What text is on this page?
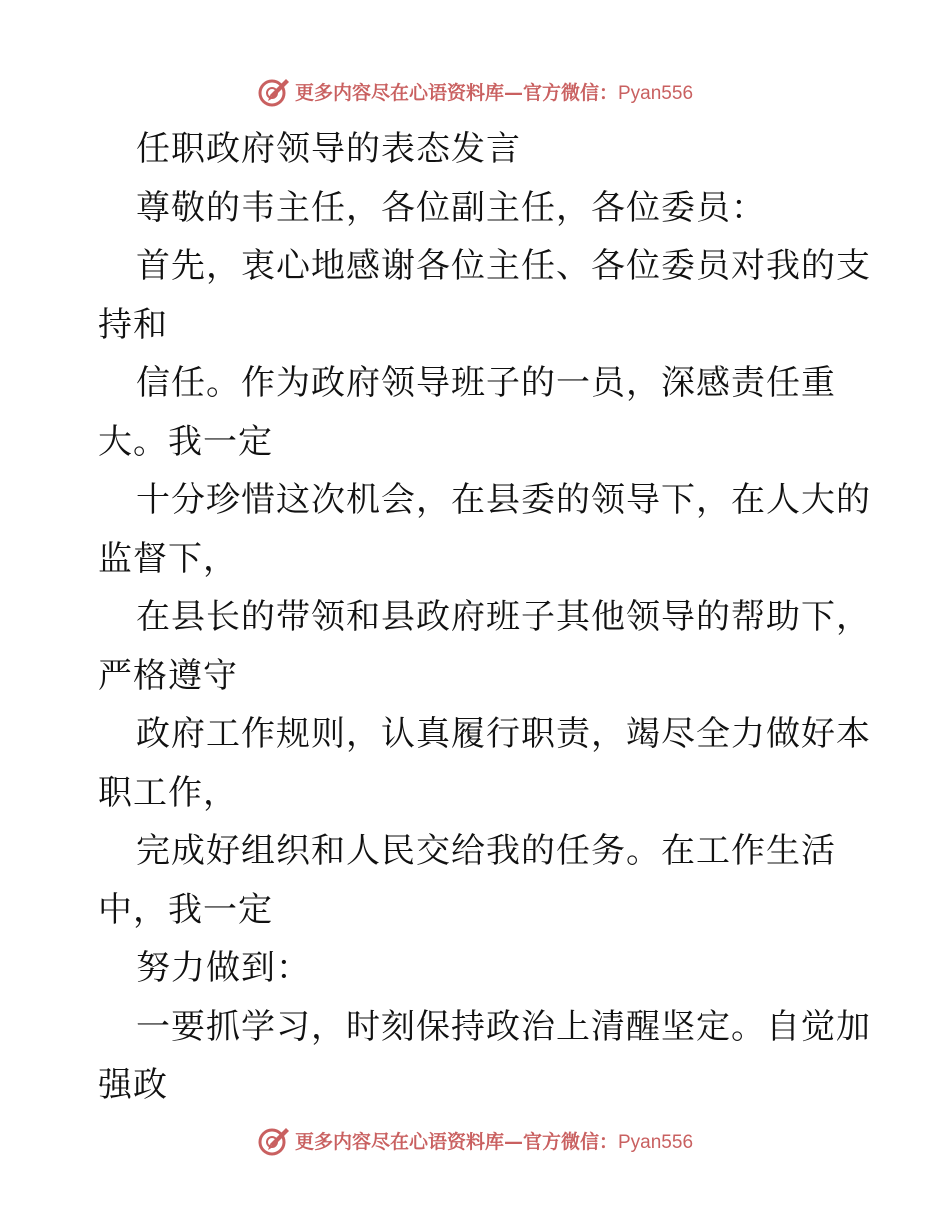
更多内容尽在心语资料库—官方微信：Pyan556
任职政府领导的表态发言
尊敬的韦主任，各位副主任，各位委员：
首先，衷心地感谢各位主任、各位委员对我的支
持和
信任。作为政府领导班子的一员，深感责任重
大。我一定
十分珍惜这次机会，在县委的领导下，在人大的
监督下，
在县长的带领和县政府班子其他领导的帮助下，
严格遵守
政府工作规则，认真履行职责，竭尽全力做好本
职工作，
完成好组织和人民交给我的任务。在工作生活
中，我一定
努力做到：
一要抓学习，时刻保持政治上清醒坚定。自觉加
强政
更多内容尽在心语资料库—官方微信：Pyan556
